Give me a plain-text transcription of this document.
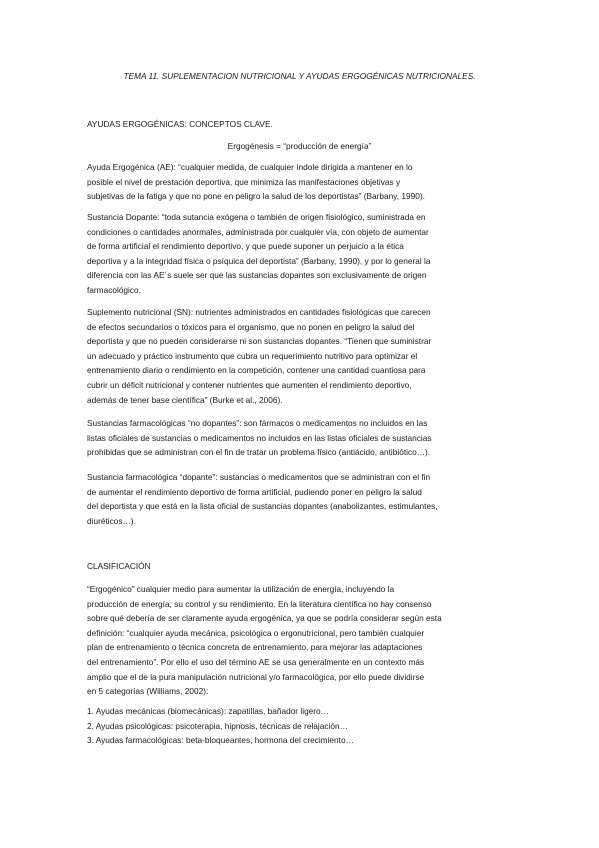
TEMA 11. SUPLEMENTACION NUTRICIONAL Y AYUDAS ERGOGÉNICAS NUTRICIONALES.
AYUDAS ERGOGÉNICAS: CONCEPTOS CLAVE.
Ergogénesis = “producción de energía”
Ayuda Ergogénica (AE): “cualquier medida, de cualquier índole dirigida a mantener en lo
posible el nivel de prestación deportiva, que minimiza las manifestaciones objetivas y
subjetivas de la fatiga y que no pone en peligro la salud de los deportistas” (Barbany, 1990).
Sustancia Dopante: “toda sutancia exógena o también de origen fisiológico, suministrada en
condiciones o cantidades anormales, administrada por cualquier vía, con objeto de aumentar
de forma artificial el rendimiento deportivo, y que puede suponer un perjuicio a la ética
deportiva y a la integridad física o psíquica del deportista” (Barbany, 1990), y por lo general la
diferencia con las AE´s suele ser que las sustancias dopantes son exclusivamente de origen
farmacológico.
Suplemento nutricional (SN): nutrientes administrados en cantidades fisiológicas que carecen
de efectos secundarios o tóxicos para el organismo, que no ponen en peligro la salud del
deportista y que no pueden considerarse ni son sustancias dopantes. “Tienen que suministrar
un adecuado y práctico instrumento que cubra un requerimiento nutritivo para optimizar el
entrenamiento diario o rendimiento en la competición, contener una cantidad cuantiosa para
cubrir un déficit nutricional y contener nutrientes que aumenten el rendimiento deportivo,
además de tener base científica” (Burke et al., 2006).
Sustancias farmacológicas “no dopantes”: son fármacos o medicamentos no incluidos en las
listas oficiales de sustancias o medicamentos no incluidos en las listas oficiales de sustancias
prohibidas que se administran con el fin de tratar un problema físico (antiácido, antibiótico…).
Sustancia farmacológica “dopante”: sustancias o medicamentos que se administran con el fin
de aumentar el rendimiento deportivo de forma artificial, pudiendo poner en peligro la salud
del deportista y que está en la lista oficial de sustancias dopantes (anabolizantes, estimulantes,
diuréticos…).
CLASIFICACIÓN
“Ergogénico” cualquier medio para aumentar la utilización de energía, incluyendo la
producción de energía; su control y su rendimiento. En la literatura científica no hay consenso
sobre qué debería de ser claramente ayuda ergogénica, ya que se podría considerar según esta
definición: “cualquier ayuda mecánica, psicológica o ergonutricional, pero también cualquier
plan de entrenamiento o técnica concreta de entrenamiento, para mejorar las adaptaciones
del entrenamiento”. Por ello el uso del término AE se usa generalmente en un contexto más
amplio que el de la pura manipulación nutricional y/o farmacológica, por ello puede dividirse
en 5 categorías (Williams, 2002):
1. Ayudas mecánicas (biomecánicas): zapatillas, bañador ligero…
2. Ayudas psicológicas: psicoterapia, hipnosis, técnicas de relajación…
3. Ayudas farmacológicas: beta-bloqueantes, hormona del crecimiento…
